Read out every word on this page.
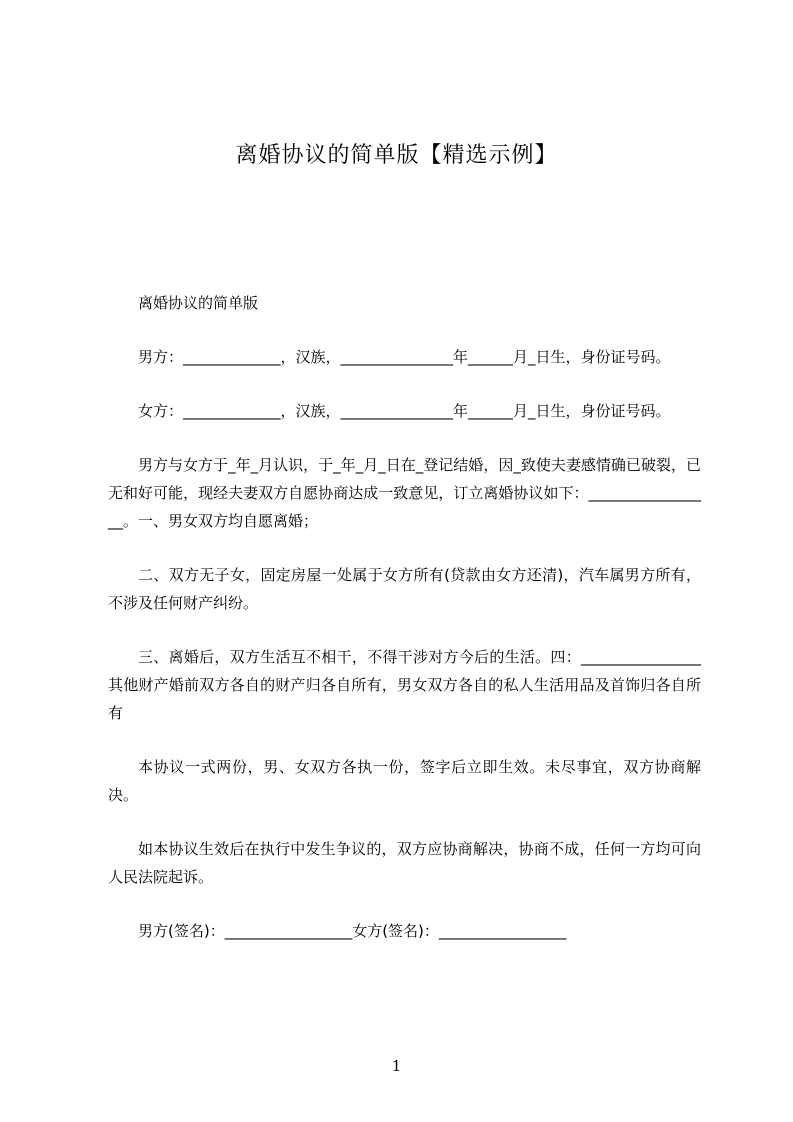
离婚协议的简单版【精选示例】

离婚协议的简单版

男方：_____________，汉族，_______________年______月_日生，身份证号码。

女方：_____________，汉族，_______________年______月_日生，身份证号码。

男方与女方于_年_月认识，于_年_月_日在_登记结婚，因_致使夫妻感情确已破裂，已无和好可能，现经夫妻双方自愿协商达成一致意见，订立离婚协议如下：_________________。一、男女双方均自愿离婚；

二、双方无子女，固定房屋一处属于女方所有(贷款由女方还清)，汽车属男方所有，不涉及任何财产纠纷。

三、离婚后，双方生活互不相干，不得干涉对方今后的生活。四：________________其他财产婚前双方各自的财产归各自所有，男女双方各自的私人生活用品及首饰归各自所有

本协议一式两份，男、女双方各执一份，签字后立即生效。未尽事宜，双方协商解决。

如本协议生效后在执行中发生争议的，双方应协商解决，协商不成，任何一方均可向人民法院起诉。

男方(签名)：_________________女方(签名)：_________________

1
